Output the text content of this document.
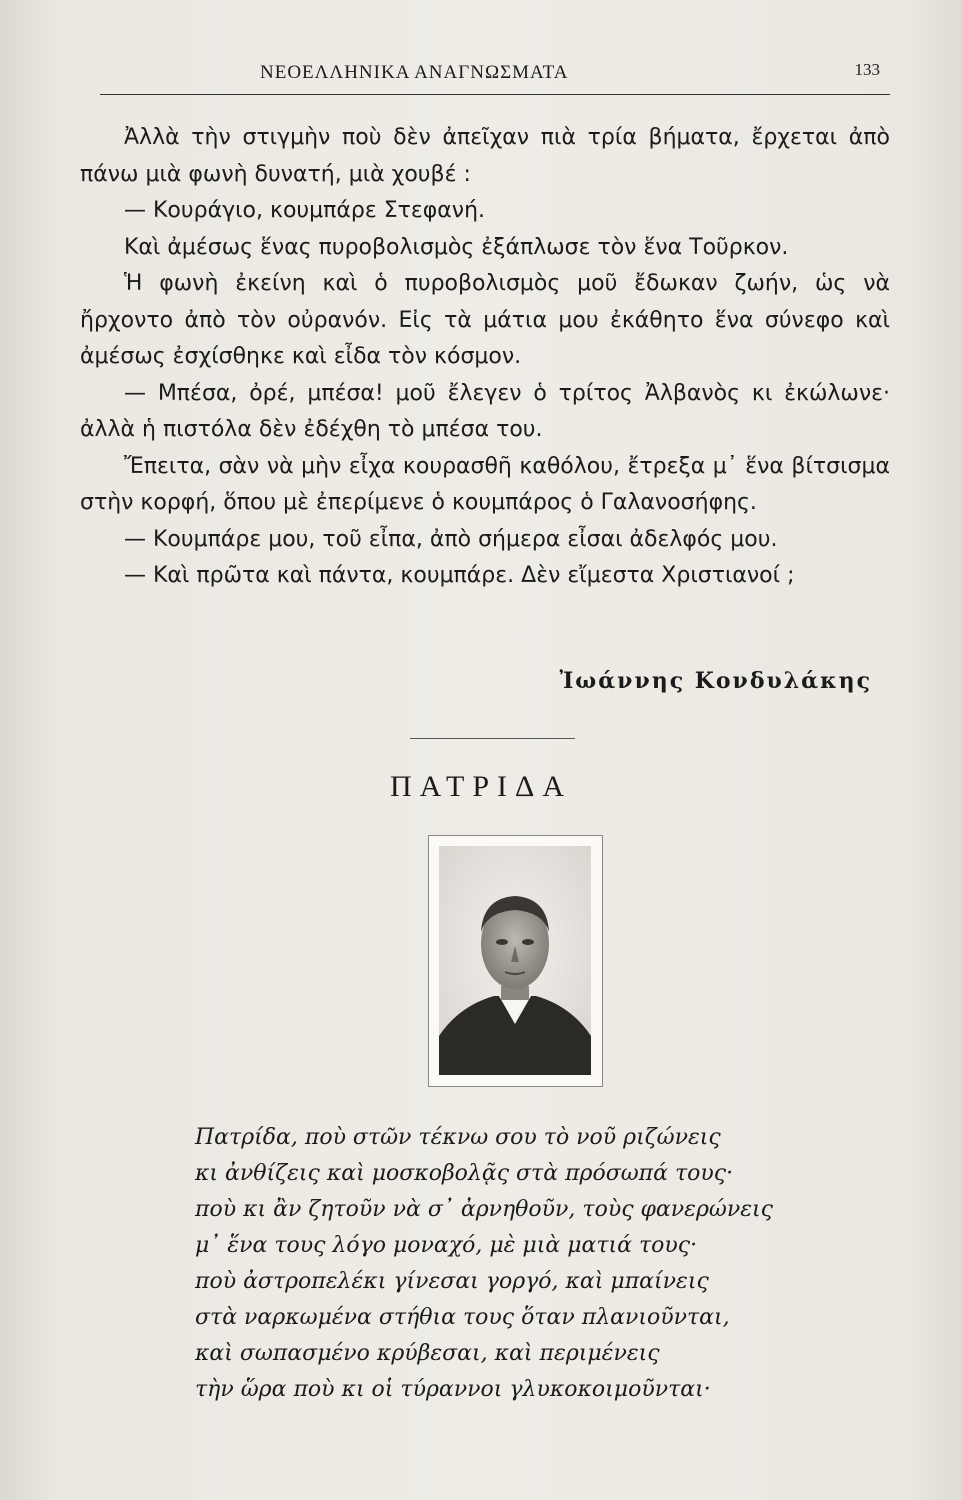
ΝΕΟΕΛΛΗΝΙΚΑ ΑΝΑΓΝΩΣΜΑΤΑ	133

Ἀλλὰ τὴν στιγμὴν ποὺ δὲν ἀπεῖχαν πιὰ τρία βήματα, ἔρχεται ἀπὸ πάνω μιὰ φωνὴ δυνατή, μιὰ χουβέ :

— Κουράγιο, κουμπάρε Στεφανή.

Καὶ ἀμέσως ἕνας πυροβολισμὸς ἐξάπλωσε τὸν ἕνα Τοῦρκον.

Ἡ φωνὴ ἐκείνη καὶ ὁ πυροβολισμὸς μοῦ ἔδωκαν ζωήν, ὡς νὰ ἤρχοντο ἀπὸ τὸν οὐρανόν. Εἰς τὰ μάτια μου ἐκάθητο ἕνα σύνεφο καὶ ἀμέσως ἐσχίσθηκε καὶ εἶδα τὸν κόσμον.

— Μπέσα, ὀρέ, μπέσα! μοῦ ἔλεγεν ὁ τρίτος Ἀλβανὸς κι ἐκώλωνε· ἀλλὰ ἡ πιστόλα δὲν ἐδέχθη τὸ μπέσα του.

Ἔπειτα, σὰν νὰ μὴν εἶχα κουρασθῆ καθόλου, ἔτρεξα μ᾽ ἕνα βίτσισμα στὴν κορφή, ὅπου μὲ ἐπερίμενε ὁ κουμπάρος ὁ Γαλανοσήφης.

— Κουμπάρε μου, τοῦ εἶπα, ἀπὸ σήμερα εἶσαι ἀδελφός μου.

— Καὶ πρῶτα καὶ πάντα, κουμπάρε. Δὲν εἴμεστα Χριστιανοί ;

Ἰωάννης Κονδυλάκης
ΠΑΤΡΙΔΑ
Πατρίδα, ποὺ στῶν τέκνω σου τὸ νοῦ ριζώνεις
κι ἀνθίζεις καὶ μοσκοβολᾷς στὰ πρόσωπά τους·
ποὺ κι ἂν ζητοῦν νὰ σ᾽ ἀρνηθοῦν, τοὺς φανερώνεις
μ᾽ ἕνα τους λόγο μοναχό, μὲ μιὰ ματιά τους·
ποὺ ἀστροπελέκι γίνεσαι γοργό, καὶ μπαίνεις
στὰ ναρκωμένα στήθια τους ὅταν πλανιοῦνται,
καὶ σωπασμένο κρύβεσαι, καὶ περιμένεις
τὴν ὥρα ποὺ κι οἱ τύραννοι γλυκοκοιμοῦνται·
